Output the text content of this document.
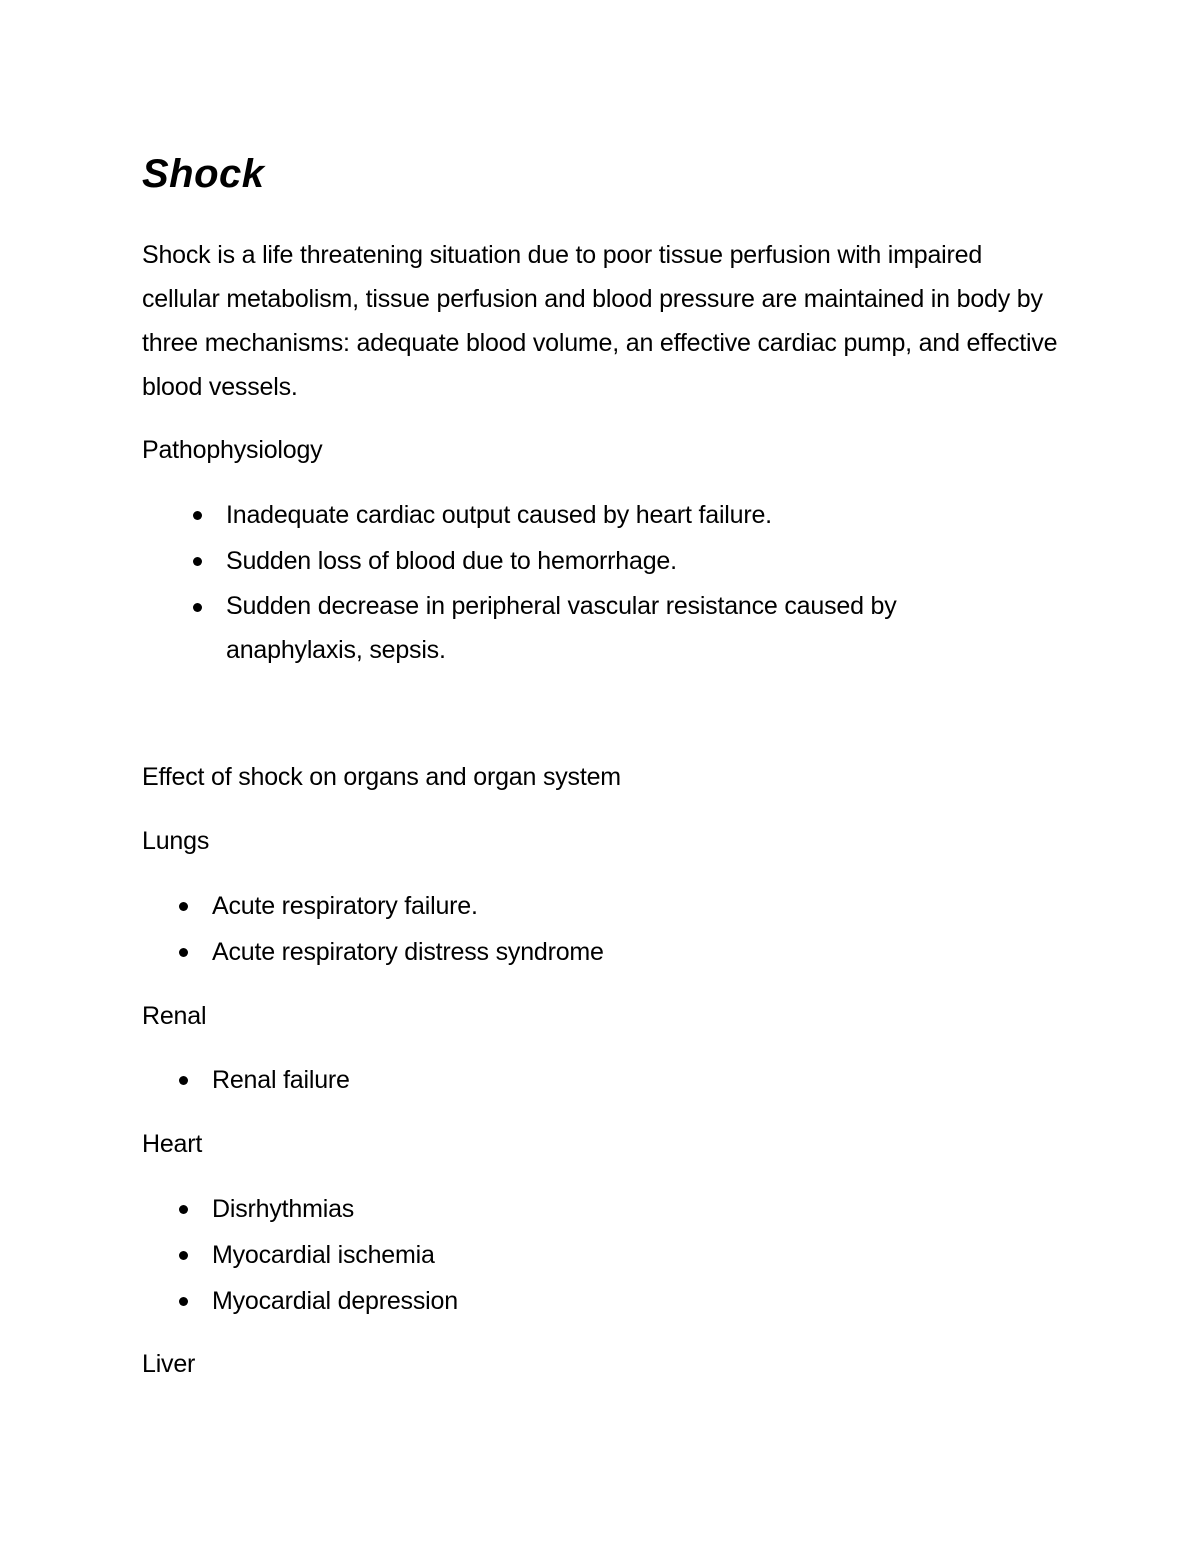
Shock

Shock is a life threatening situation due to poor tissue perfusion with impaired cellular metabolism, tissue perfusion and blood pressure are maintained in body by three mechanisms: adequate blood volume, an effective cardiac pump, and effective blood vessels.

Pathophysiology

Inadequate cardiac output caused by heart failure.
Sudden loss of blood due to hemorrhage.
Sudden decrease in peripheral vascular resistance caused by anaphylaxis, sepsis.

Effect of shock on organs and organ system

Lungs

Acute respiratory failure.
Acute respiratory distress syndrome

Renal

Renal failure

Heart

Disrhythmias
Myocardial ischemia
Myocardial depression

Liver
